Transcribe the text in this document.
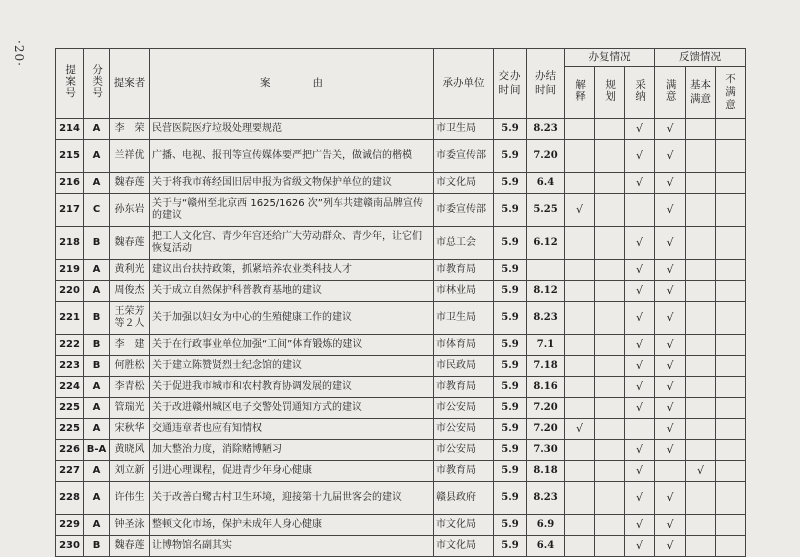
·20·
提案号	分类号	提案者	案　　　　由	承办单位	交办时间	办结时间	办复情况			反馈情况		
							解释	规划	采纳	满意	基本满意	不满意
214	A	李　荣	民营医院医疗垃圾处理要规范	市卫生局	5.9	8.23			√	√		
215	A	兰祥优	广播、电视、报刊等宣传媒体要严把广告关，做诚信的楷模	市委宣传部	5.9	7.20			√	√		
216	A	魏春莲	关于将我市蒋经国旧居申报为省级文物保护单位的建议	市文化局	5.9	6.4			√	√		
217	C	孙东岩	关于与“赣州至北京西 1625/1626 次”列车共建赣南品牌宣传的建议	市委宣传部	5.9	5.25	√			√		
218	B	魏春莲	把工人文化宫、青少年宫还给广大劳动群众、青少年，让它们恢复活动	市总工会	5.9	6.12			√	√		
219	A	黄利光	建议出台扶持政策，抓紧培养农业类科技人才	市教育局	5.9				√	√		
220	A	周俊杰	关于成立自然保护科普教育基地的建议	市林业局	5.9	8.12			√	√		
221	B	王荣芳等２人	关于加强以妇女为中心的生殖健康工作的建议	市卫生局	5.9	8.23			√	√		
222	B	李　建	关于在行政事业单位加强“工间”体育锻炼的建议	市体育局	5.9	7.1			√	√		
223	B	何胜松	关于建立陈赞贤烈士纪念馆的建议	市民政局	5.9	7.18			√	√		
224	A	李青松	关于促进我市城市和农村教育协调发展的建议	市教育局	5.9	8.16			√	√		
225	A	管瑞光	关于改进赣州城区电子交警处罚通知方式的建议	市公安局	5.9	7.20			√	√		
225	A	宋秋华	交通违章者也应有知情权	市公安局	5.9	7.20	√			√		
226	B-A	黄晓风	加大整治力度，消除赌博陋习	市公安局	5.9	7.30			√	√		
227	A	刘立新	引进心理课程，促进青少年身心健康	市教育局	5.9	8.18			√		√	
228	A	许伟生	关于改善白鹭古村卫生环境，迎接第十九届世客会的建议	赣县政府	5.9	8.23			√	√		
229	A	钟圣泳	整顿文化市场，保护未成年人身心健康	市文化局	5.9	6.9			√	√		
230	B	魏春莲	让博物馆名副其实	市文化局	5.9	6.4			√	√		
